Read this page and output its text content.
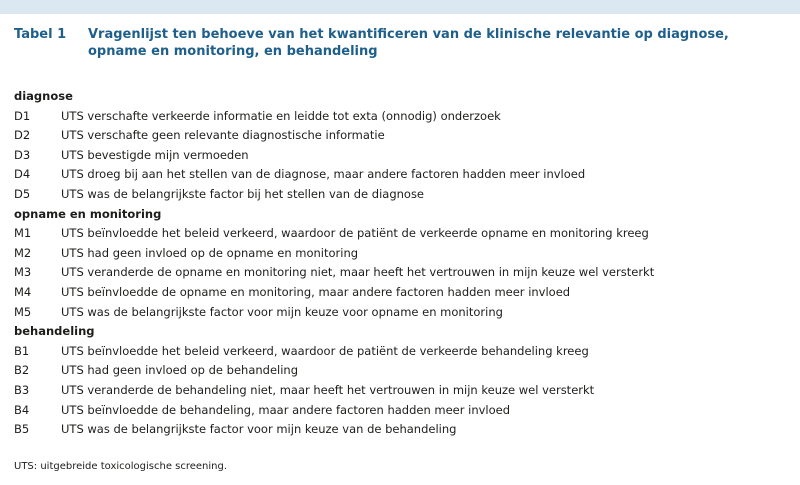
Tabel 1	Vragenlijst ten behoeve van het kwantificeren van de klinische relevantie op diagnose, opname en monitoring, en behandeling
diagnose
D1	UTS verschafte verkeerde informatie en leidde tot exta (onnodig) onderzoek
D2	UTS verschafte geen relevante diagnostische informatie
D3	UTS bevestigde mijn vermoeden
D4	UTS droeg bij aan het stellen van de diagnose, maar andere factoren hadden meer invloed
D5	UTS was de belangrijkste factor bij het stellen van de diagnose
opname en monitoring
M1	UTS beïnvloedde het beleid verkeerd, waardoor de patiënt de verkeerde opname en monitoring kreeg
M2	UTS had geen invloed op de opname en monitoring
M3	UTS veranderde de opname en monitoring niet, maar heeft het vertrouwen in mijn keuze wel versterkt
M4	UTS beïnvloedde de opname en monitoring, maar andere factoren hadden meer invloed
M5	UTS was de belangrijkste factor voor mijn keuze voor opname en monitoring
behandeling
B1	UTS beïnvloedde het beleid verkeerd, waardoor de patiënt de verkeerde behandeling kreeg
B2	UTS had geen invloed op de behandeling
B3	UTS veranderde de behandeling niet, maar heeft het vertrouwen in mijn keuze wel versterkt
B4	UTS beïnvloedde de behandeling, maar andere factoren hadden meer invloed
B5	UTS was de belangrijkste factor voor mijn keuze van de behandeling
UTS: uitgebreide toxicologische screening.
